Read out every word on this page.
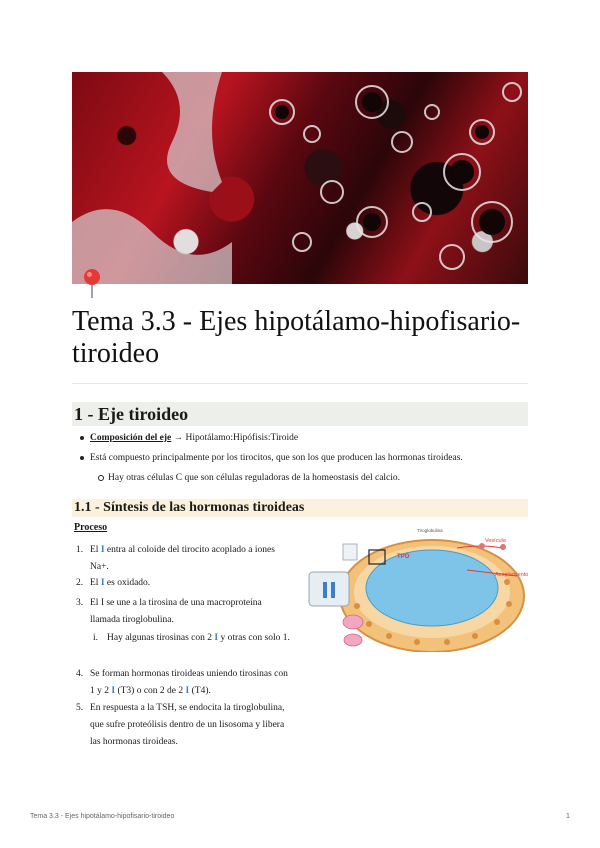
Tema 3.3 - Ejes hipotálamo-hipofisario-tiroideo
1 - Eje tiroideo
Composición del eje → Hipotálamo:Hipófisis:Tiroide
Está compuesto principalmente por los tirocitos, que son los que producen las hormonas tiroideas.
Hay otras células C que son células reguladoras de la homeostasis del calcio.
1.1 - Síntesis de las hormonas tiroideas
Proceso
1. El I entra al coloide del tirocito acoplado a iones Na+.
2. El I es oxidado.
3. El I se une a la tirosina de una macroproteína llamada tiroglobulina.
i. Hay algunas tirosinas con 2 I y otras con solo 1.
4. Se forman hormonas tiroideas uniendo tirosinas con 1 y 2 I (T3) o con 2 de 2 I (T4).
5. En respuesta a la TSH, se endocita la tiroglobulina, que sufre proteólisis dentro de un lisosoma y libera las hormonas tiroideas.
TPO
Vesícula
Acoplamiento
Tiroglobulina
Tema 3.3 - Ejes hipotálamo-hipofisario-tiroideo	1
